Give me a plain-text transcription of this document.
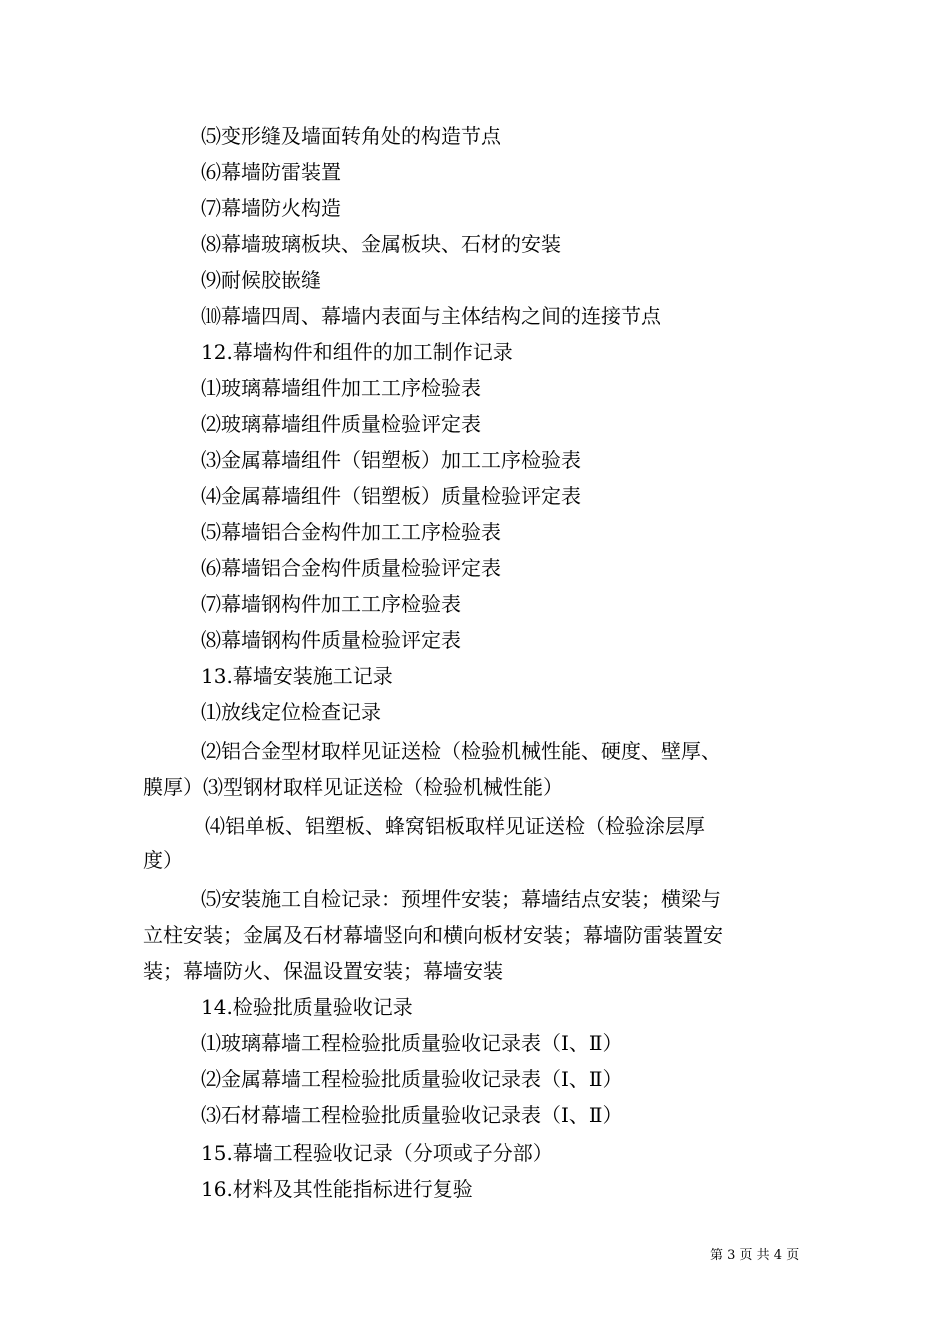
⑸变形缝及墙面转角处的构造节点
⑹幕墙防雷装置
⑺幕墙防火构造
⑻幕墙玻璃板块、金属板块、石材的安装
⑼耐候胶嵌缝
⑽幕墙四周、幕墙内表面与主体结构之间的连接节点
12.幕墙构件和组件的加工制作记录
⑴玻璃幕墙组件加工工序检验表
⑵玻璃幕墙组件质量检验评定表
⑶金属幕墙组件（铝塑板）加工工序检验表
⑷金属幕墙组件（铝塑板）质量检验评定表
⑸幕墙铝合金构件加工工序检验表
⑹幕墙铝合金构件质量检验评定表
⑺幕墙钢构件加工工序检验表
⑻幕墙钢构件质量检验评定表
13.幕墙安装施工记录
⑴放线定位检查记录
⑵铝合金型材取样见证送检（检验机械性能、硬度、壁厚、
膜厚）⑶型钢材取样见证送检（检验机械性能）
⑷铝单板、铝塑板、蜂窝铝板取样见证送检（检验涂层厚
度）
⑸安装施工自检记录：预埋件安装；幕墙结点安装；横梁与
立柱安装；金属及石材幕墙竖向和横向板材安装；幕墙防雷装置安
装；幕墙防火、保温设置安装；幕墙安装
14.检验批质量验收记录
⑴玻璃幕墙工程检验批质量验收记录表（Ⅰ、Ⅱ）
⑵金属幕墙工程检验批质量验收记录表（Ⅰ、Ⅱ）
⑶石材幕墙工程检验批质量验收记录表（Ⅰ、Ⅱ）
15.幕墙工程验收记录（分项或子分部）
16.材料及其性能指标进行复验
第 3 页 共 4 页
